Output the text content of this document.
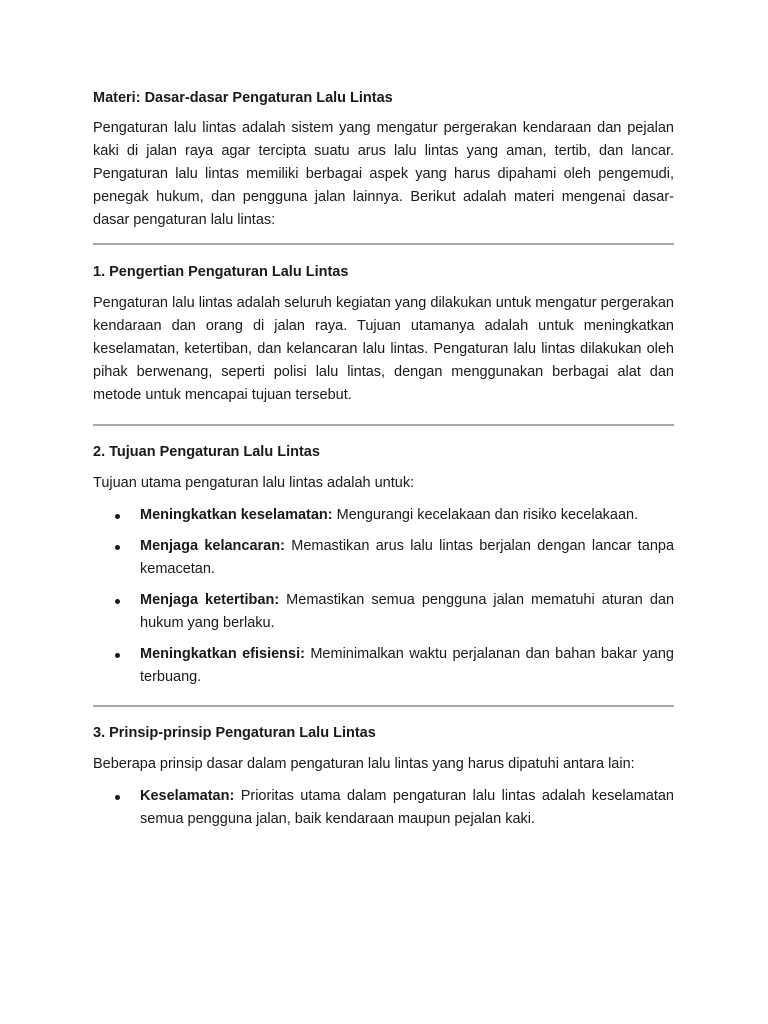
Materi: Dasar-dasar Pengaturan Lalu Lintas

Pengaturan lalu lintas adalah sistem yang mengatur pergerakan kendaraan dan pejalan kaki di jalan raya agar tercipta suatu arus lalu lintas yang aman, tertib, dan lancar. Pengaturan lalu lintas memiliki berbagai aspek yang harus dipahami oleh pengemudi, penegak hukum, dan pengguna jalan lainnya. Berikut adalah materi mengenai dasar-dasar pengaturan lalu lintas:

1. Pengertian Pengaturan Lalu Lintas

Pengaturan lalu lintas adalah seluruh kegiatan yang dilakukan untuk mengatur pergerakan kendaraan dan orang di jalan raya. Tujuan utamanya adalah untuk meningkatkan keselamatan, ketertiban, dan kelancaran lalu lintas. Pengaturan lalu lintas dilakukan oleh pihak berwenang, seperti polisi lalu lintas, dengan menggunakan berbagai alat dan metode untuk mencapai tujuan tersebut.

2. Tujuan Pengaturan Lalu Lintas

Tujuan utama pengaturan lalu lintas adalah untuk:

Meningkatkan keselamatan: Mengurangi kecelakaan dan risiko kecelakaan.
Menjaga kelancaran: Memastikan arus lalu lintas berjalan dengan lancar tanpa kemacetan.
Menjaga ketertiban: Memastikan semua pengguna jalan mematuhi aturan dan hukum yang berlaku.
Meningkatkan efisiensi: Meminimalkan waktu perjalanan dan bahan bakar yang terbuang.
3. Prinsip-prinsip Pengaturan Lalu Lintas

Beberapa prinsip dasar dalam pengaturan lalu lintas yang harus dipatuhi antara lain:

Keselamatan: Prioritas utama dalam pengaturan lalu lintas adalah keselamatan semua pengguna jalan, baik kendaraan maupun pejalan kaki.
